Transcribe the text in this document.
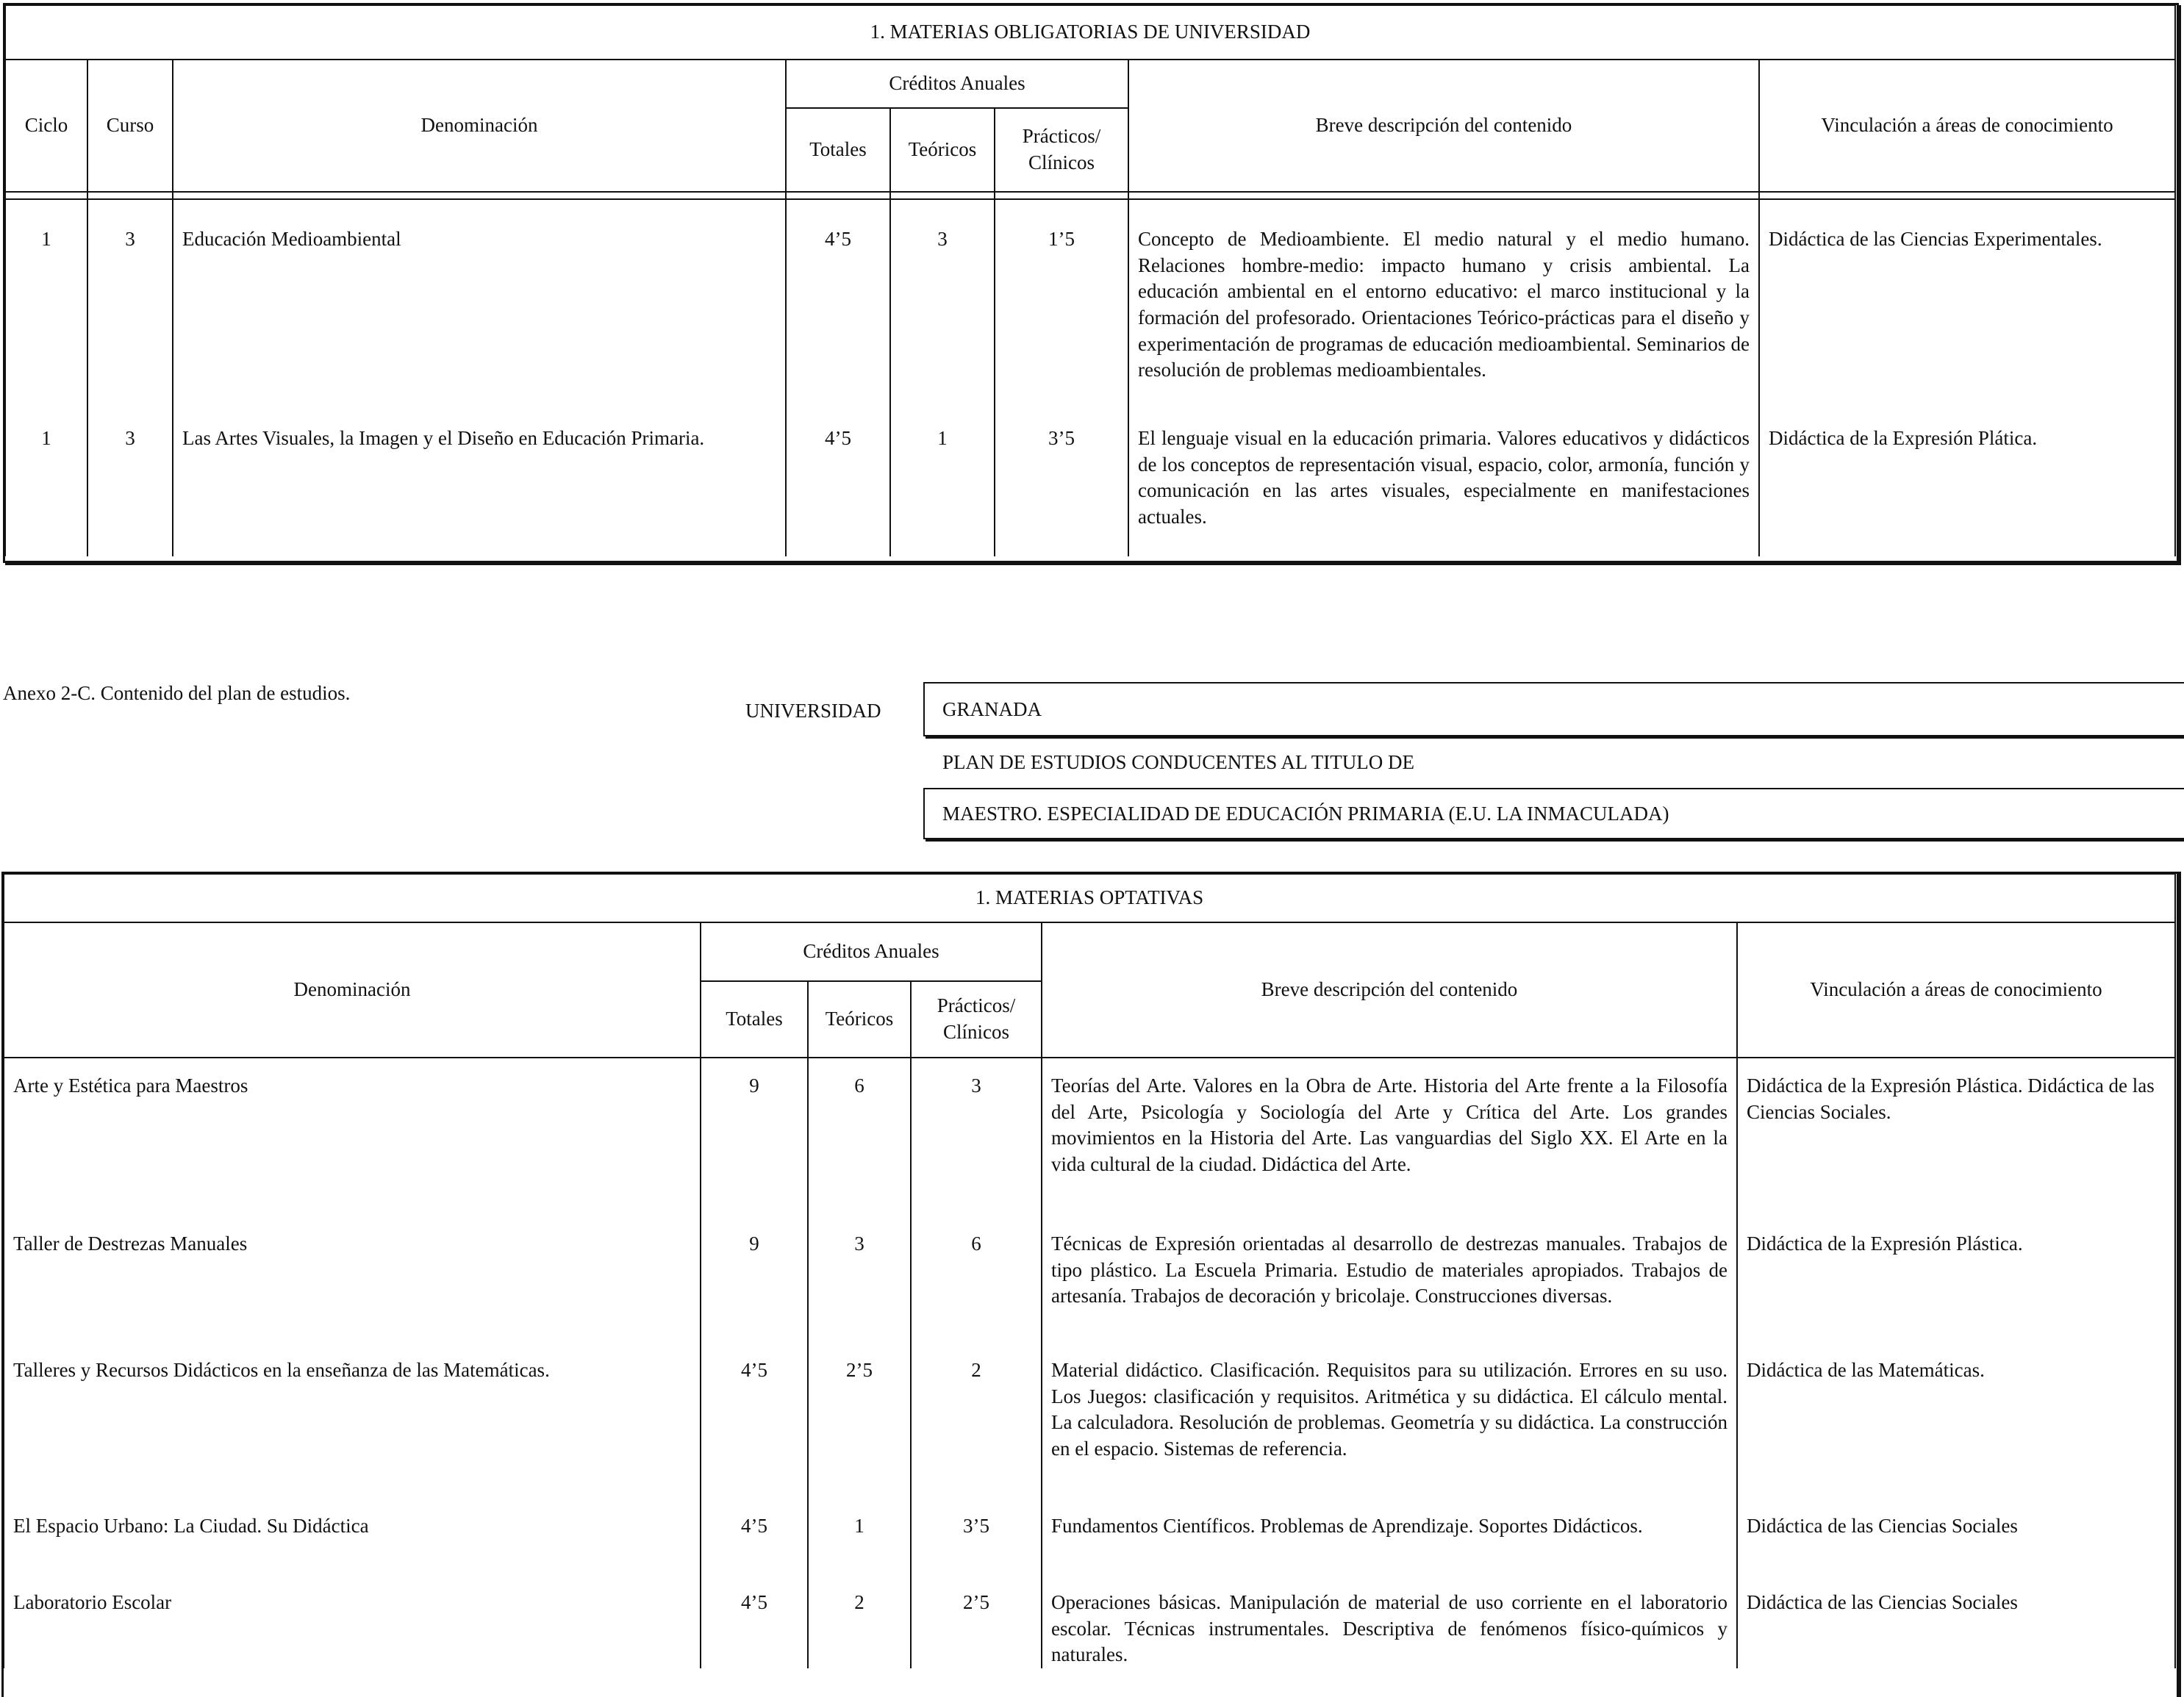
1. MATERIAS OBLIGATORIAS DE UNIVERSIDAD							
Ciclo	Curso	Denominación	Créditos Anuales			Breve descripción del contenido	Vinculación a áreas de conocimiento
			Totales	Teóricos	Prácticos/ Clínicos		

1	3	Educación Medioambiental	4’5	3	1’5	Concepto de Medioambiente. El medio natural y el medio humano. Relaciones hombre-medio: impacto humano y crisis ambiental. La educación ambiental en el entorno educativo: el marco institucional y la formación del profesorado. Orientaciones Teórico-prácticas para el diseño y experimentación de programas de educación medioambiental. Seminarios de resolución de problemas medioambientales.	Didáctica de las Ciencias Experimentales.
1	3	Las Artes Visuales, la Imagen y el Diseño en Educación Primaria.	4’5	1	3’5	El lenguaje visual en la educación primaria. Valores educativos y didácticos de los conceptos de representación visual, espacio, color, armonía, función y comunicación en las artes visuales, especialmente en manifestaciones actuales.	Didáctica de la Expresión Plática.
Anexo 2-C. Contenido del plan de estudios.
UNIVERSIDAD	GRANADA
PLAN DE ESTUDIOS CONDUCENTES AL TITULO DE
MAESTRO. ESPECIALIDAD DE EDUCACIÓN PRIMARIA (E.U. LA INMACULADA)
1. MATERIAS OPTATIVAS					
Denominación	Créditos Anuales			Breve descripción del contenido	Vinculación a áreas de conocimiento
	Totales	Teóricos	Prácticos/ Clínicos		
Arte y Estética para Maestros	9	6	3	Teorías del Arte. Valores en la Obra de Arte. Historia del Arte frente a la Filosofía del Arte, Psicología y Sociología del Arte y Crítica del Arte. Los grandes movimientos en la Historia del Arte. Las vanguardias del Siglo XX. El Arte en la vida cultural de la ciudad. Didáctica del Arte.	Didáctica de la Expresión Plástica. Didáctica de las Ciencias Sociales.
Taller de Destrezas Manuales	9	3	6	Técnicas de Expresión orientadas al desarrollo de destrezas manuales. Trabajos de tipo plástico. La Escuela Primaria. Estudio de materiales apropiados. Trabajos de artesanía. Trabajos de decoración y bricolaje. Construcciones diversas.	Didáctica de la Expresión Plástica.
Talleres y Recursos Didácticos en la enseñanza de las Matemáticas.	4’5	2’5	2	Material didáctico. Clasificación. Requisitos para su utilización. Errores en su uso. Los Juegos: clasificación y requisitos. Aritmética y su didáctica. El cálculo mental. La calculadora. Resolución de problemas. Geometría y su didáctica. La construcción en el espacio. Sistemas de referencia.	Didáctica de las Matemáticas.
El Espacio Urbano: La Ciudad. Su Didáctica	4’5	1	3’5	Fundamentos Científicos. Problemas de Aprendizaje. Soportes Didácticos.	Didáctica de las Ciencias Sociales
Laboratorio Escolar	4’5	2	2’5	Operaciones básicas. Manipulación de material de uso corriente en el laboratorio escolar. Técnicas instrumentales. Descriptiva de fenómenos físico-químicos y naturales.	Didáctica de las Ciencias Sociales
